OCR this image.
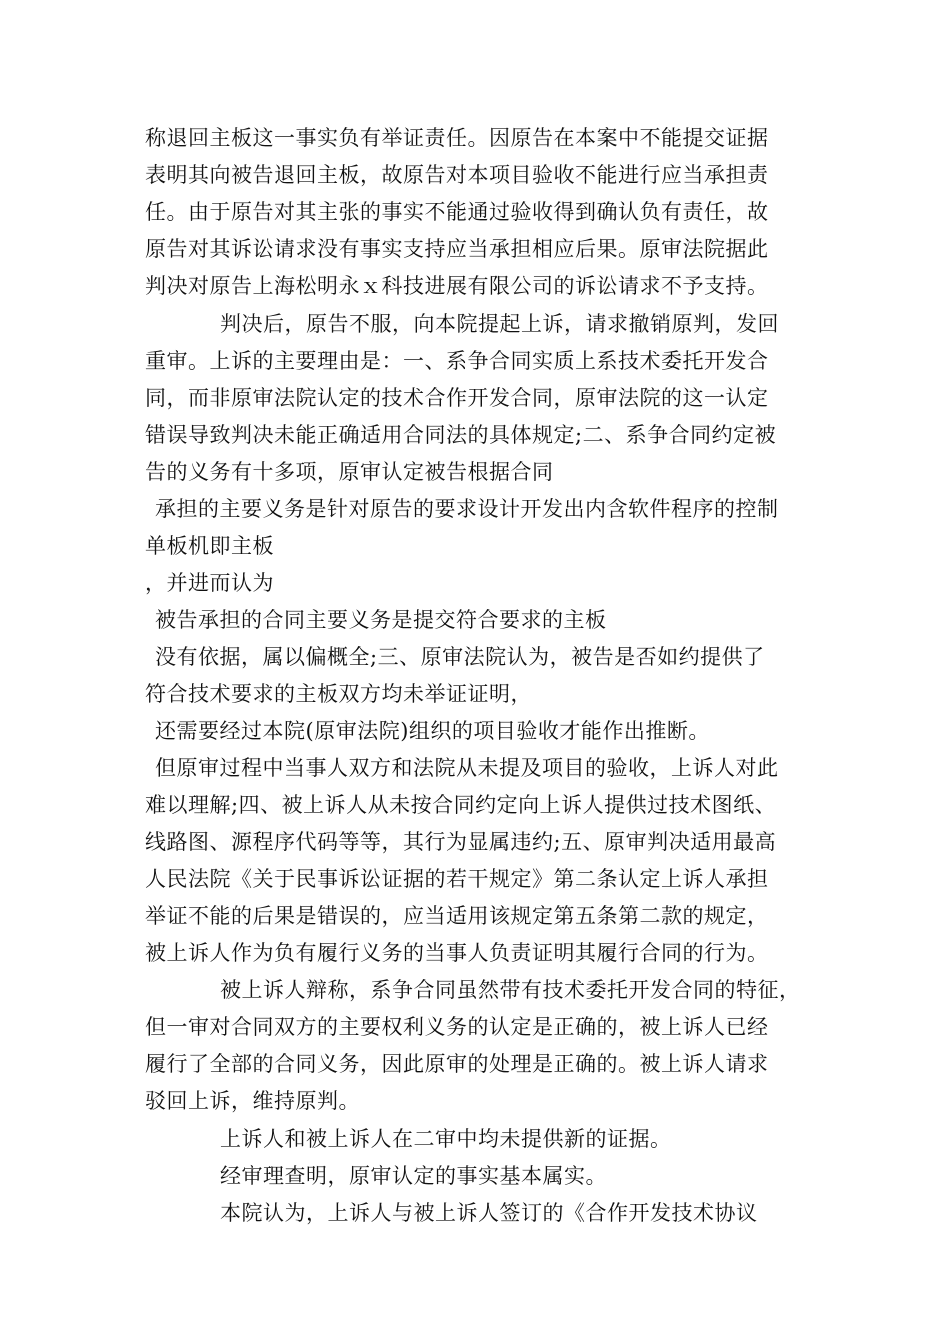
称退回主板这一事实负有举证责任。因原告在本案中不能提交证据
表明其向被告退回主板，故原告对本项目验收不能进行应当承担责
任。由于原告对其主张的事实不能通过验收得到确认负有责任，故
原告对其诉讼请求没有事实支持应当承担相应后果。原审法院据此
判决对原告上海松明永ｘ科技进展有限公司的诉讼请求不予支持。
判决后，原告不服，向本院提起上诉，请求撤销原判，发回
重审。上诉的主要理由是：一、系争合同实质上系技术委托开发合
同，而非原审法院认定的技术合作开发合同，原审法院的这一认定
错误导致判决未能正确适用合同法的具体规定;二、系争合同约定被
告的义务有十多项，原审认定被告根据合同
承担的主要义务是针对原告的要求设计开发出内含软件程序的控制
单板机即主板
，并进而认为
被告承担的合同主要义务是提交符合要求的主板
没有依据，属以偏概全;三、原审法院认为，被告是否如约提供了
符合技术要求的主板双方均未举证证明，
还需要经过本院(原审法院)组织的项目验收才能作出推断。
但原审过程中当事人双方和法院从未提及项目的验收，上诉人对此
难以理解;四、被上诉人从未按合同约定向上诉人提供过技术图纸、
线路图、源程序代码等等，其行为显属违约;五、原审判决适用最高
人民法院《关于民事诉讼证据的若干规定》第二条认定上诉人承担
举证不能的后果是错误的，应当适用该规定第五条第二款的规定，
被上诉人作为负有履行义务的当事人负责证明其履行合同的行为。
被上诉人辩称，系争合同虽然带有技术委托开发合同的特征，
但一审对合同双方的主要权利义务的认定是正确的，被上诉人已经
履行了全部的合同义务，因此原审的处理是正确的。被上诉人请求
驳回上诉，维持原判。
上诉人和被上诉人在二审中均未提供新的证据。
经审理查明，原审认定的事实基本属实。
本院认为，上诉人与被上诉人签订的《合作开发技术协议
